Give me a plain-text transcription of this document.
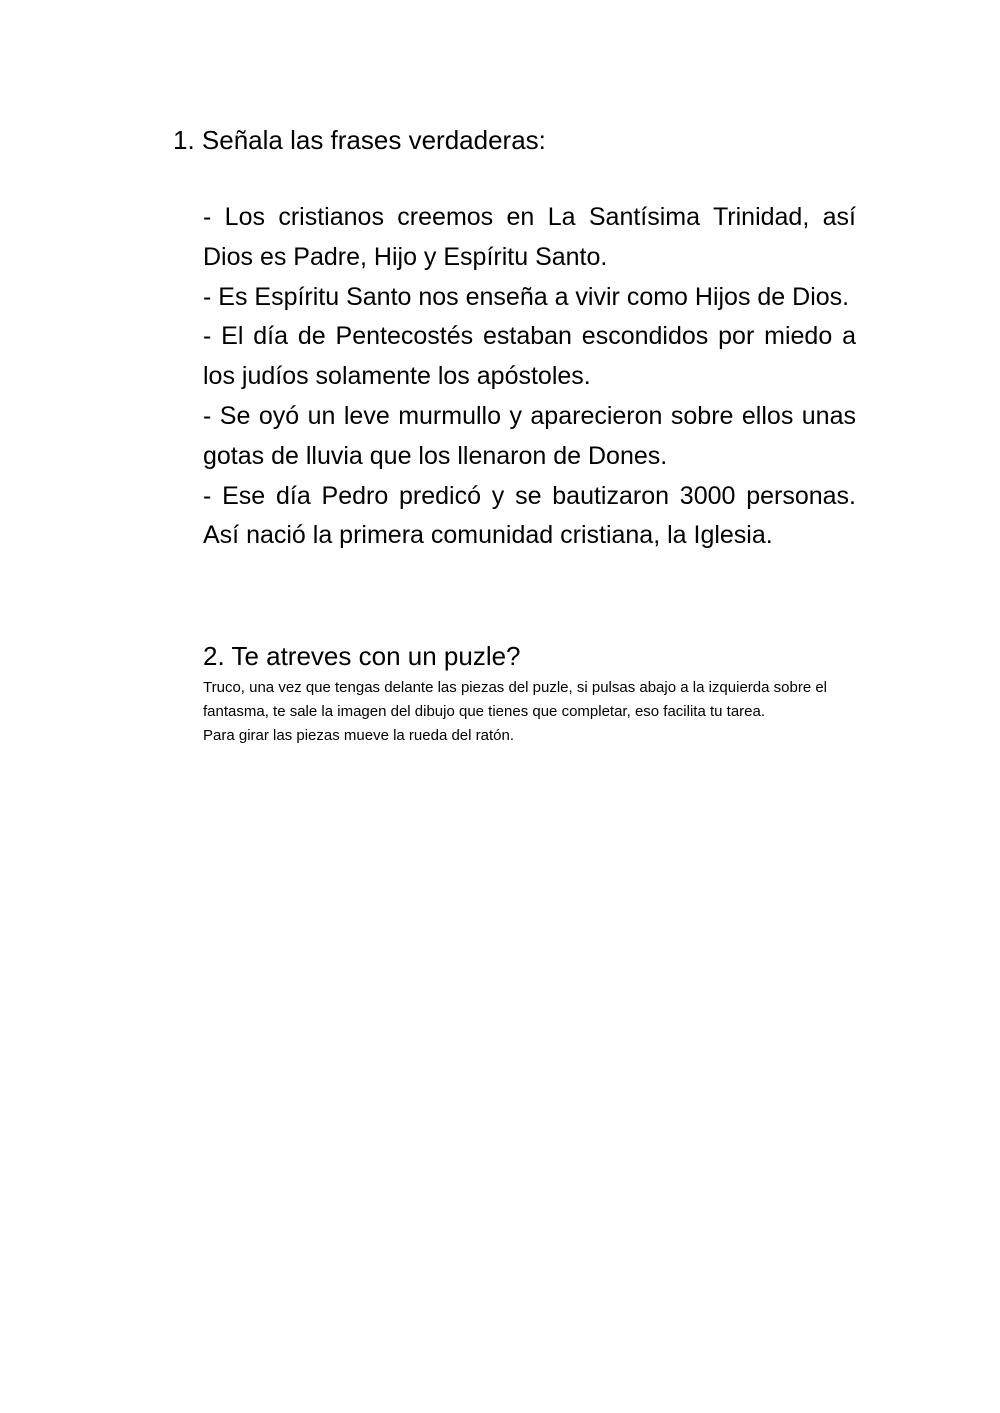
1. Señala las frases verdaderas:

- Los cristianos creemos en La Santísima Trinidad, así Dios es Padre, Hijo y Espíritu Santo.

- Es Espíritu Santo nos enseña a vivir como Hijos de Dios.

- El día de Pentecostés estaban escondidos por miedo a los judíos solamente los apóstoles.

- Se oyó un leve murmullo y aparecieron sobre ellos unas gotas de lluvia que los llenaron de Dones.

- Ese día Pedro predicó y se bautizaron 3000 personas. Así nació la primera comunidad cristiana, la Iglesia.

2. Te atreves con un puzle?

Truco, una vez que tengas delante las piezas del puzle, si pulsas abajo a la izquierda sobre el fantasma, te sale la imagen del dibujo que tienes que completar, eso facilita tu tarea.

Para girar las piezas mueve la rueda del ratón.
